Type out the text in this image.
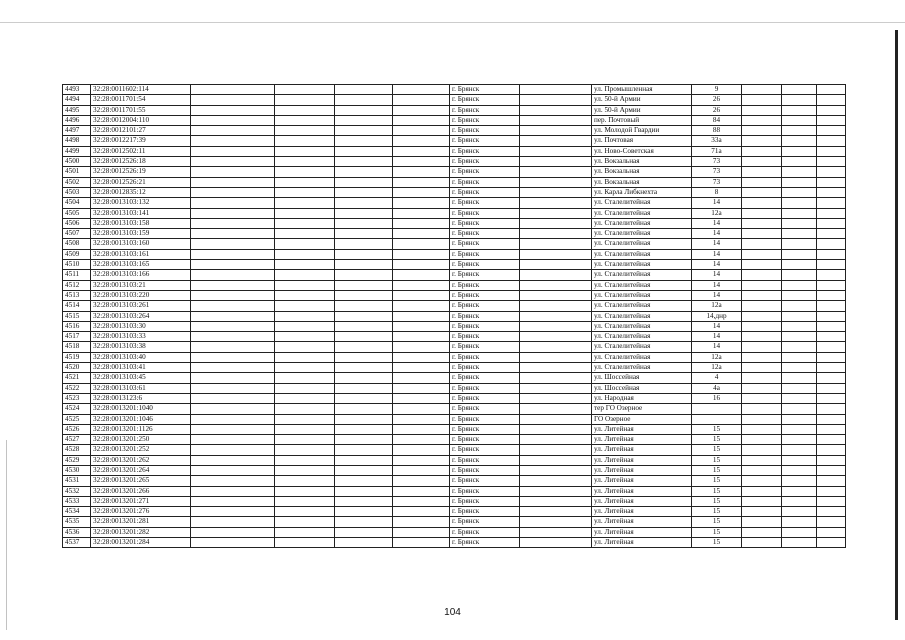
4493	32:28:0011602:114					г. Брянск		ул. Промышленная	9			
4494	32:28:0011701:54					г. Брянск		ул. 50-й Армии	26			
4495	32:28:0011701:55					г. Брянск		ул. 50-й Армии	26			
4496	32:28:0012004:110					г. Брянск		пер. Почтовый	84			
4497	32:28:0012101:27					г. Брянск		ул. Молодой Гвардии	88			
4498	32:28:0012217:39					г. Брянск		ул. Почтовая	33а			
4499	32:28:0012502:11					г. Брянск		ул. Ново-Советская	71а			
4500	32:28:0012526:18					г. Брянск		ул. Вокзальная	73			
4501	32:28:0012526:19					г. Брянск		ул. Вокзальная	73			
4502	32:28:0012526:21					г. Брянск		ул. Вокзальная	73			
4503	32:28:0012835:12					г. Брянск		ул. Карла Либкнехта	8			
4504	32:28:0013103:132					г. Брянск		ул. Сталелитейная	14			
4505	32:28:0013103:141					г. Брянск		ул. Сталелитейная	12а			
4506	32:28:0013103:158					г. Брянск		ул. Сталелитейная	14			
4507	32:28:0013103:159					г. Брянск		ул. Сталелитейная	14			
4508	32:28:0013103:160					г. Брянск		ул. Сталелитейная	14			
4509	32:28:0013103:161					г. Брянск		ул. Сталелитейная	14			
4510	32:28:0013103:165					г. Брянск		ул. Сталелитейная	14			
4511	32:28:0013103:166					г. Брянск		ул. Сталелитейная	14			
4512	32:28:0013103:21					г. Брянск		ул. Сталелитейная	14			
4513	32:28:0013103:220					г. Брянск		ул. Сталелитейная	14			
4514	32:28:0013103:261					г. Брянск		ул. Сталелитейная	12а			
4515	32:28:0013103:264					г. Брянск		ул. Сталелитейная	14,днр			
4516	32:28:0013103:30					г. Брянск		ул. Сталелитейная	14			
4517	32:28:0013103:33					г. Брянск		ул. Сталелитейная	14			
4518	32:28:0013103:38					г. Брянск		ул. Сталелитейная	14			
4519	32:28:0013103:40					г. Брянск		ул. Сталелитейная	12а			
4520	32:28:0013103:41					г. Брянск		ул. Сталелитейная	12а			
4521	32:28:0013103:45					г. Брянск		ул. Шоссейная	4			
4522	32:28:0013103:61					г. Брянск		ул. Шоссейная	4а			
4523	32:28:0013123:6					г. Брянск		ул. Народная	16			
4524	32:28:0013201:1040					г. Брянск		тер ГО Озерное				
4525	32:28:0013201:1046					г. Брянск		ГО Озерное				
4526	32:28:0013201:1126					г. Брянск		ул. Литейная	15			
4527	32:28:0013201:250					г. Брянск		ул. Литейная	15			
4528	32:28:0013201:252					г. Брянск		ул. Литейная	15			
4529	32:28:0013201:262					г. Брянск		ул. Литейная	15			
4530	32:28:0013201:264					г. Брянск		ул. Литейная	15			
4531	32:28:0013201:265					г. Брянск		ул. Литейная	15			
4532	32:28:0013201:266					г. Брянск		ул. Литейная	15			
4533	32:28:0013201:271					г. Брянск		ул. Литейная	15			
4534	32:28:0013201:276					г. Брянск		ул. Литейная	15			
4535	32:28:0013201:281					г. Брянск		ул. Литейная	15			
4536	32:28:0013201:282					г. Брянск		ул. Литейная	15			
4537	32:28:0013201:284					г. Брянск		ул. Литейная	15			
104
